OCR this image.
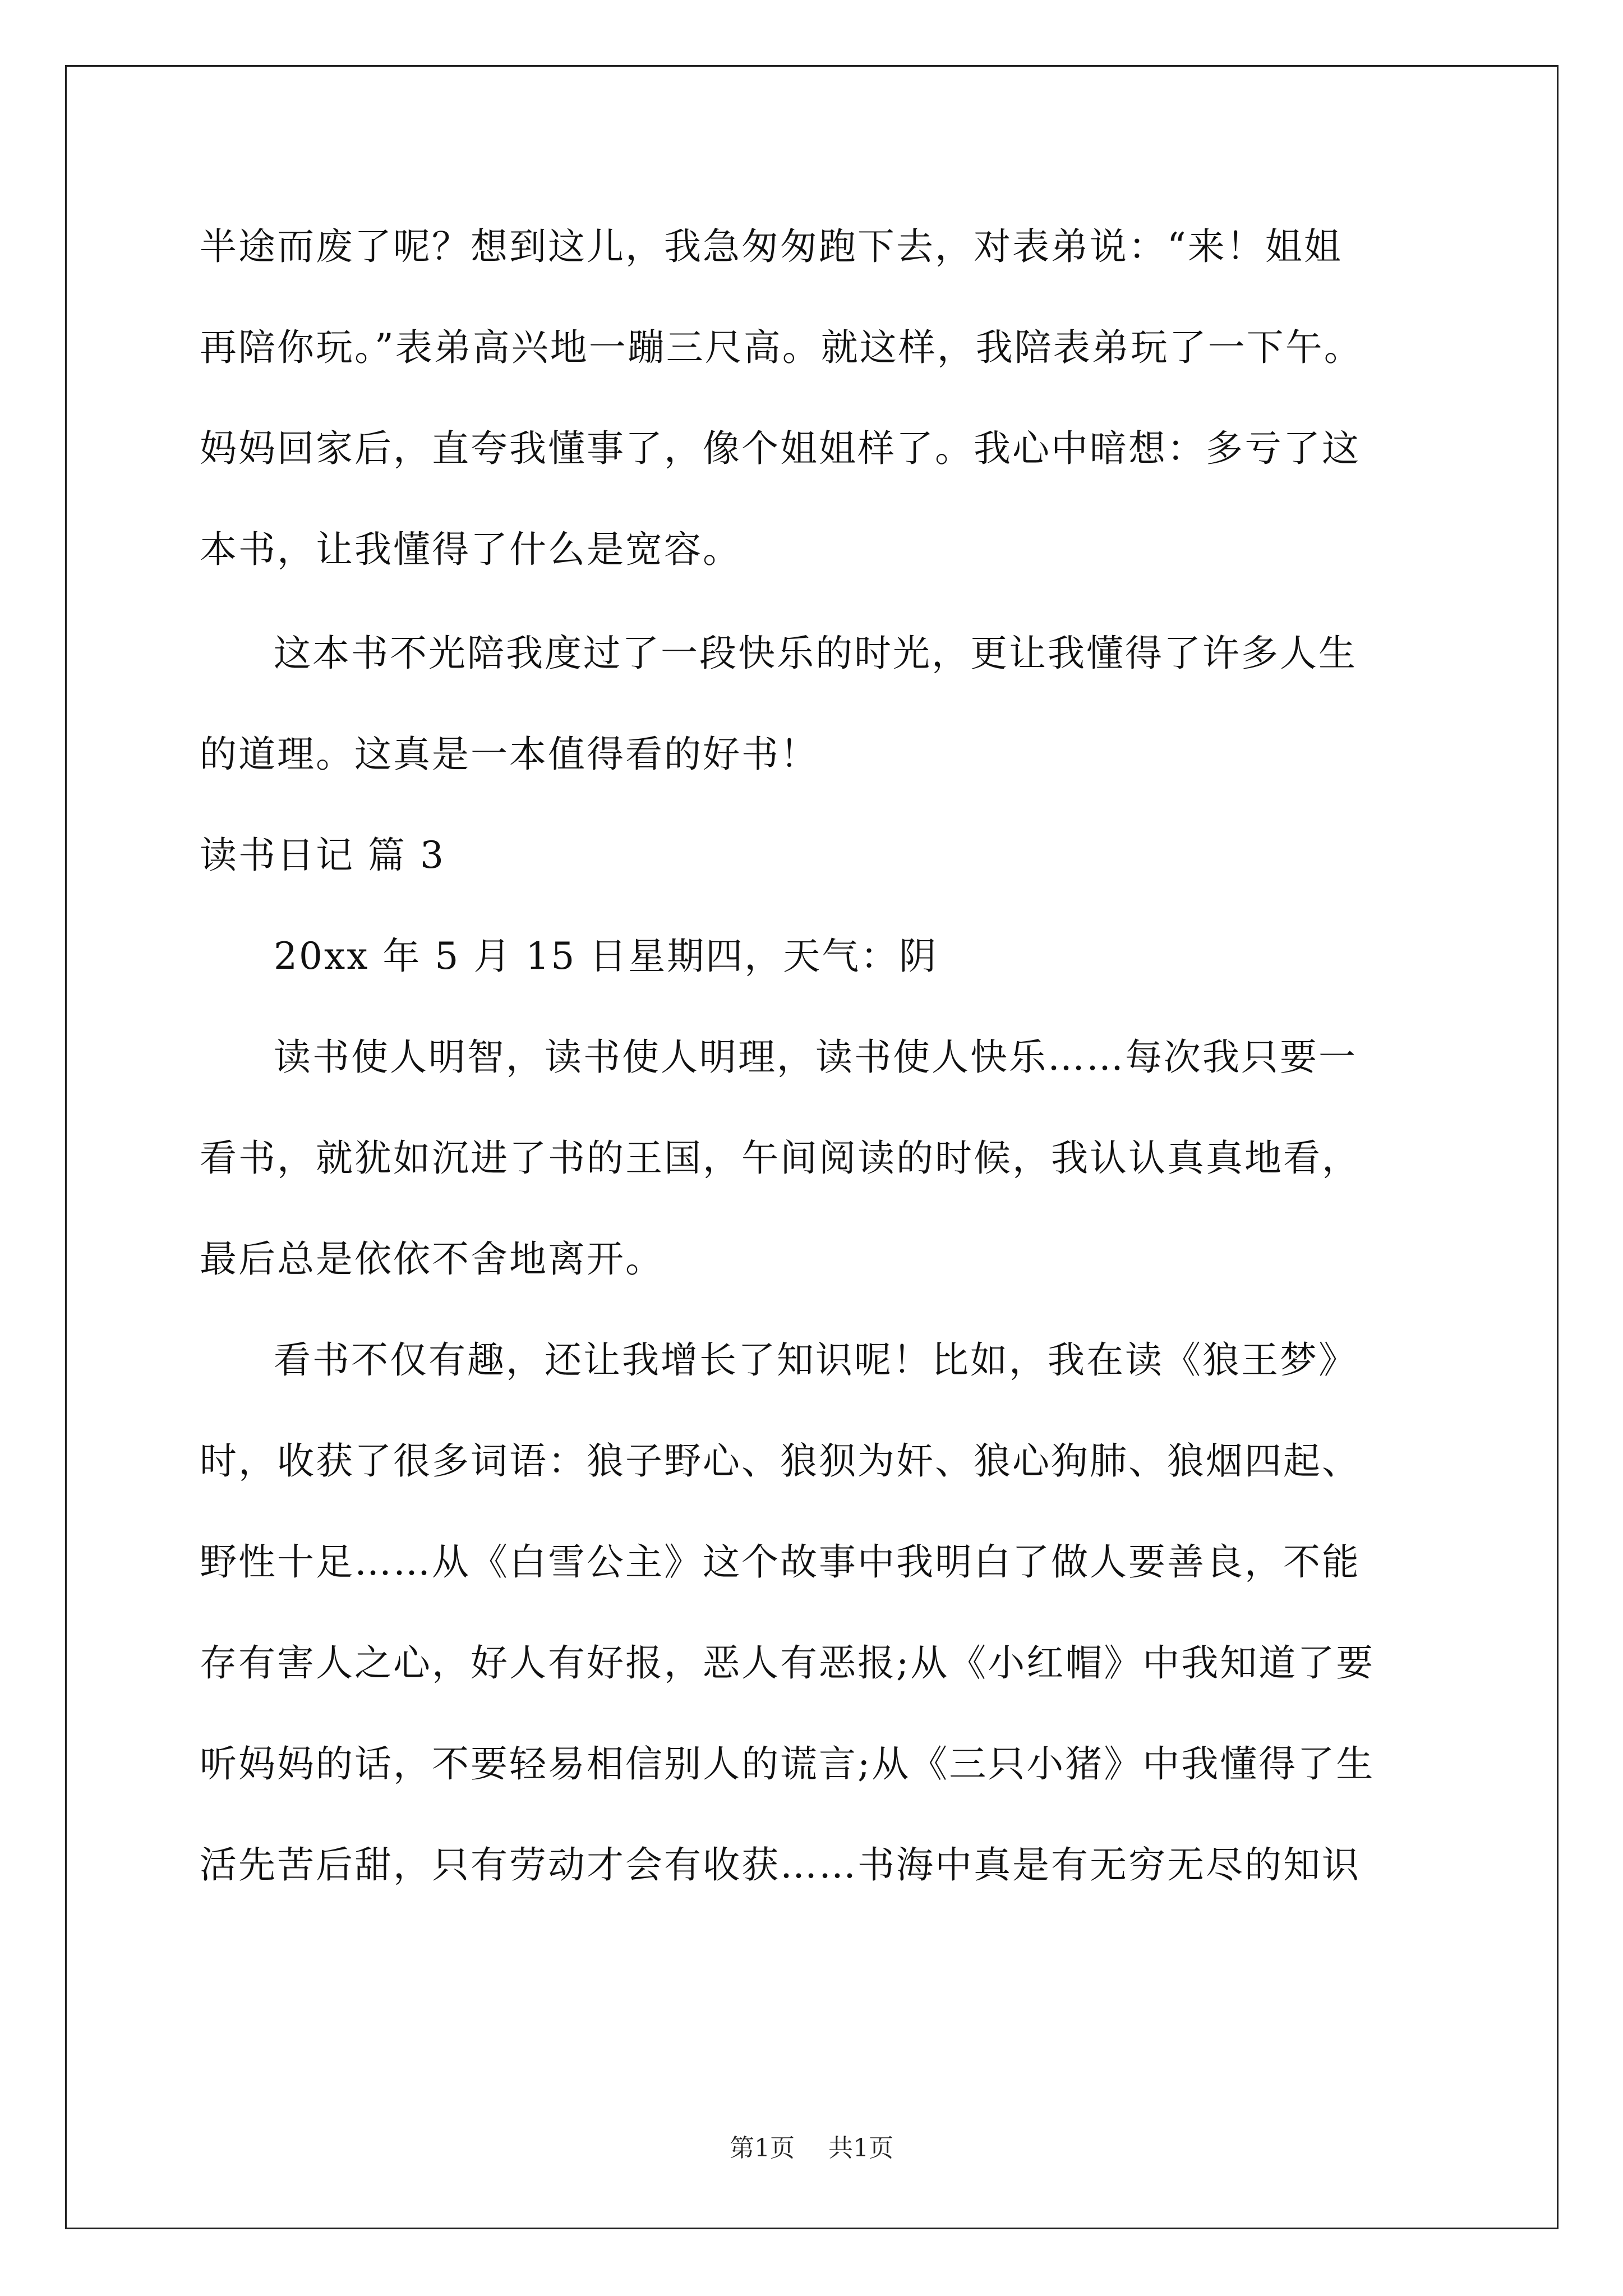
半途而废了呢？想到这儿，我急匆匆跑下去，对表弟说：“来！姐姐
再陪你玩。”表弟高兴地一蹦三尺高。就这样，我陪表弟玩了一下午。
妈妈回家后，直夸我懂事了，像个姐姐样了。我心中暗想：多亏了这
本书，让我懂得了什么是宽容。
这本书不光陪我度过了一段快乐的时光，更让我懂得了许多人生
的道理。这真是一本值得看的好书！
读书日记 篇 3
20xx 年 5 月 15 日星期四，天气：阴
读书使人明智，读书使人明理，读书使人快乐……每次我只要一
看书，就犹如沉进了书的王国，午间阅读的时候，我认认真真地看，
最后总是依依不舍地离开。
看书不仅有趣，还让我增长了知识呢！比如，我在读《狼王梦》
时，收获了很多词语：狼子野心、狼狈为奸、狼心狗肺、狼烟四起、
野性十足……从《白雪公主》这个故事中我明白了做人要善良，不能
存有害人之心，好人有好报，恶人有恶报;从《小红帽》中我知道了要
听妈妈的话，不要轻易相信别人的谎言;从《三只小猪》中我懂得了生
活先苦后甜，只有劳动才会有收获……书海中真是有无穷无尽的知识
第1页 共1页
